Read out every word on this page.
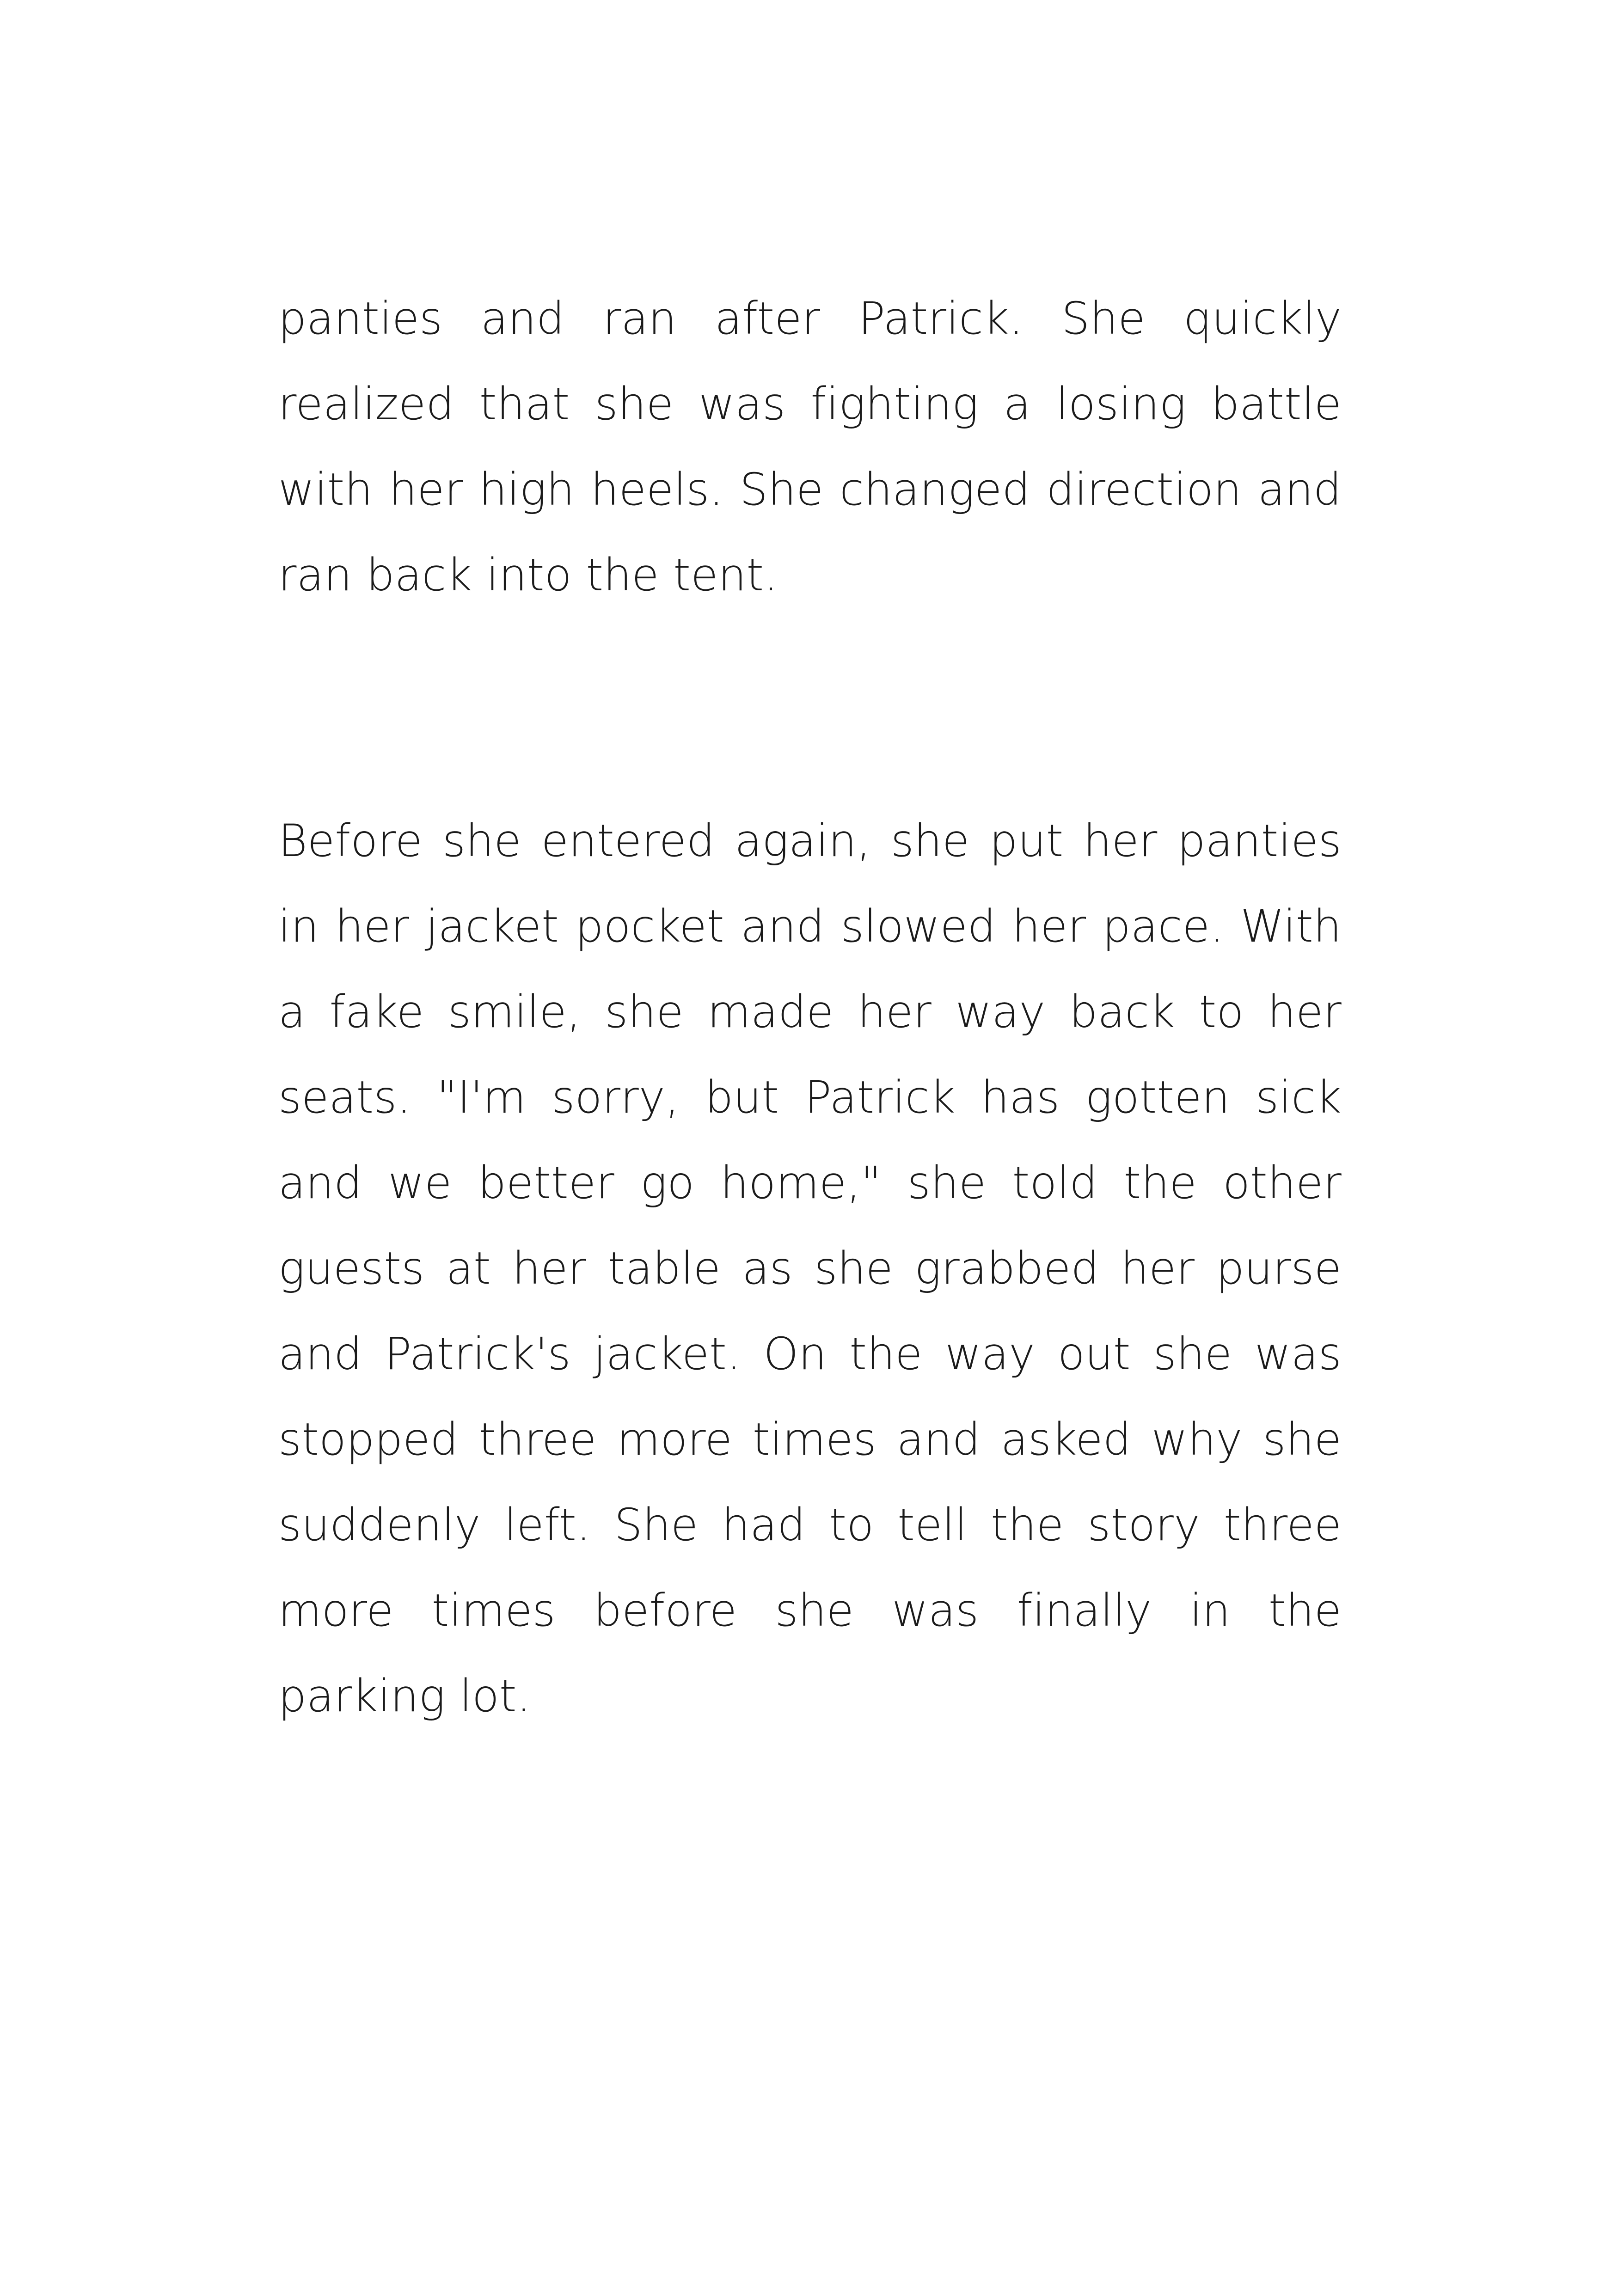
panties and ran after Patrick. She quickly realized that she was fighting a losing battle with her high heels. She changed direction and ran back into the tent.

Before she entered again, she put her panties in her jacket pocket and slowed her pace. With a fake smile, she made her way back to her seats. "I'm sorry, but Patrick has gotten sick and we better go home," she told the other guests at her table as she grabbed her purse and Patrick's jacket. On the way out she was stopped three more times and asked why she suddenly left. She had to tell the story three more times before she was finally in the parking lot.
